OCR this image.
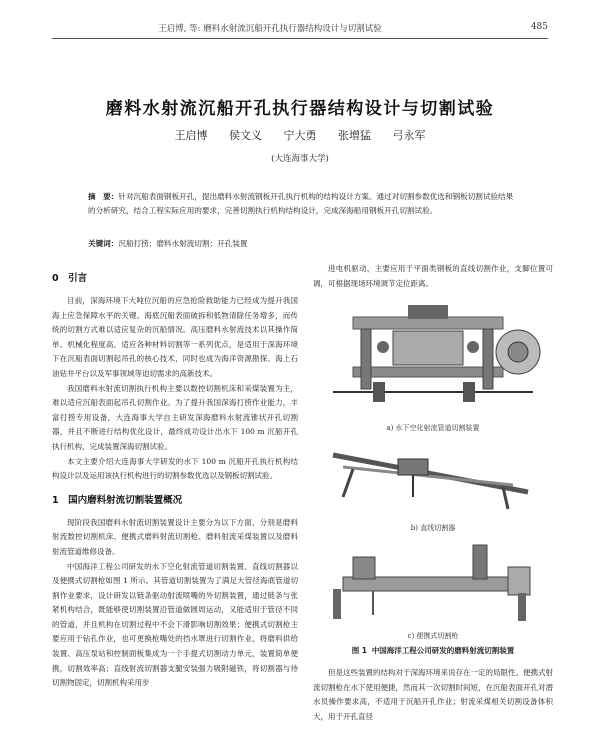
王启博, 等: 磨料水射流沉船开孔执行器结构设计与切割试验	485
磨料水射流沉船开孔执行器结构设计与切割试验
王启博 侯文义 宁大勇 张增猛 弓永军
(大连海事大学)
摘　要：针对沉船表面钢板开孔，提出磨料水射流钢板开孔执行机构的结构设计方案。通过对切割参数优选和钢板切割试验结果的分析研究，结合工程实际应用的要求，完善切割执行机构结构设计，完成深海船用钢板开孔切割试验。
关键词：沉船打捞；磨料水射流切割；开孔装置
0　引言

目前，深海环境下大吨位沉船的应急抢险救助能力已经成为提升我国海上应急保障水平的关键。海底沉船表面破拆和低物清除任务增多，而传统的切割方式难以适应复杂的沉船情况。高压磨料水射流技术以其操作简单、机械化程度高、适应各种材料切割等一系列优点，是适用于深海环境下在沉船表面切割起吊孔的核心技术，同时也成为海洋资源勘探、海上石油钻井平台以及军事领域等迫切需求的高新技术。

我国磨料水射流切割执行机构主要以数控切割机床和采煤装置为主，难以适应沉船表面起吊孔切割作业。为了提升我国深海打捞作业能力，丰富打捞专用设备，大连海事大学自主研发深海磨料水射流锥状开孔切割器，并且不断进行结构优化设计，最终成功设计出水下 100 m 沉船开孔执行机构，完成装置深海切割试验。

本文主要介绍大连海事大学研发的水下 100 m 沉船开孔执行机构结构设计以及运用该执行机构进行的切割参数优选以及钢板切割试验。

1　国内磨料射流切割装置概况

现阶段我国磨料水射流切割装置设计主要分为以下方面，分别是磨料射流数控切割机床、便携式磨料射流切割枪、磨料射流采煤装置以及磨料射流管道维修设备。

中国海洋工程公司研发的水下空化射流管道切割装置、直线切割器以及便携式切割枪如图 1 所示。其管道切割装置为了满足大管径海底管道切割作业要求，设计研发以链条驱动射流喷嘴的外切割装置，通过链条与张紧机构结合，既能够使切割装置沿管道做圆周运动，又能适用于管径不同的管道，并且机构在切割过程中不会下滑影响切割效果；便携式切割枪主要应用于钻孔作业，也可更换枪嘴处的挡水罩进行切割作业，将磨料供给装置、高压泵站和控制面板集成为一个手提式切割动力单元，装置简单便携，切割效率高；直线射流切割器支腿安装强力吸附磁铁，将切割器与待切割物固定，切割机构采用步

进电机驱动，主要应用于平面类钢板的直线切割作业，支脚位置可调，可根据现场环境调节定位距离。

a) 水下空化射流管道切割装置
b) 直线切割器
c) 便携式切割枪
图 1 中国海洋工程公司研发的磨料射流切割装置

但是这些装置的结构对于深海环境来说存在一定的局限性。便携式射流切割枪在水下使用便捷，然而其一次切割时间短，在沉船表面开孔对潜水员操作要求高，不适用于沉船开孔作业；射流采煤相关切割设备体积大，用于开孔直径
